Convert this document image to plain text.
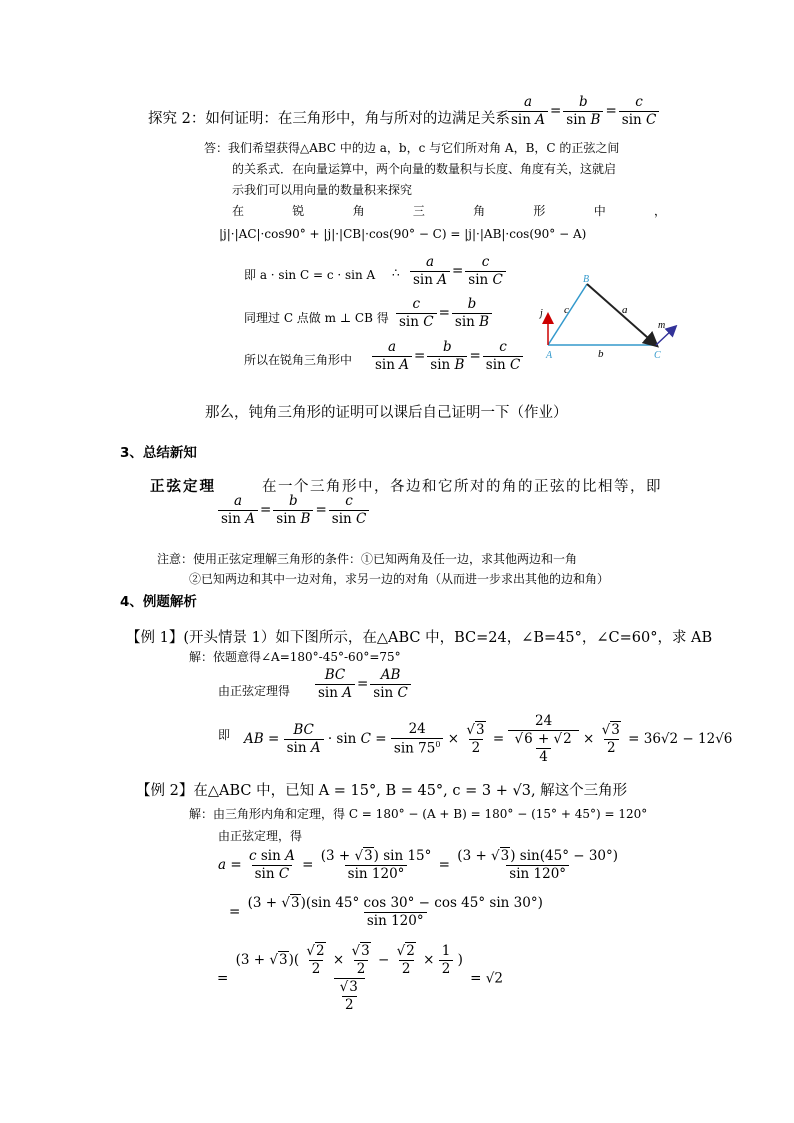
探究 2：如何证明：在三角形中，角与所对的边满足关系
$\frac{a}{\text{sin A}} = \frac{b}{\text{sin B}} = \frac{c}{\text{sin C}}$
答：我们希望获得△ABC 中的边 a，b，c 与它们所对角 A，B，C 的正弦之间
的关系式．在向量运算中，两个向量的数量积与长度、角度有关，这就启
示我们可以用向量的数量积来探究
在	锐	角	三	角	形	中	，
|j|·|AC|·cos90° + |j|·|CB|·cos(90° − C) = |j|·|AB|·cos(90° − A)
即 a · sin C = c · sin A ∴ $\frac{a}{\text{sin A}} = \frac{c}{\text{sin C}}$
同理过 C 点做 m ⊥ CB 得 $\frac{c}{\text{sin C}} = \frac{b}{\text{sin B}}$
所以在锐角三角形中 $\frac{a}{\text{sin A}} = \frac{b}{\text{sin B}} = \frac{c}{\text{sin C}}$
B
A	C
c	a
b
j
m
那么，钝角三角形的证明可以课后自己证明一下（作业）
3、总结新知
正弦定理	在一个三角形中，各边和它所对的角的正弦的比相等，即
$\frac{a}{\text{sin A}} = \frac{b}{\text{sin B}} = \frac{c}{\text{sin C}}$
注意：使用正弦定理解三角形的条件：①已知两角及任一边，求其他两边和一角
②已知两边和其中一边对角，求另一边的对角（从而进一步求出其他的边和角）
4、例题解析
【例 1】(开头情景 1）如下图所示，在△ABC 中，BC=24，∠B=45°，∠C=60°，求 AB
解：依题意得∠A=180°-45°-60°=75°
由正弦定理得 $\frac{BC}{\text{sin A}} = \frac{AB}{\text{sin C}}$
即 AB = $\frac{BC}{\text{sin A}} \cdot \sin C = \frac{24}{\sin 75^0} \times \frac{√3}{2} = \frac{24}{\frac{√6 + √2}{4}} \times \frac{√3}{2} = 36√2 - 12√6$
【例 2】在△ABC 中，已知 A = 15°, B = 45°, c = 3 + √3, 解这个三角形
解：由三角形内角和定理，得 C = 180° − (A + B) = 180° − (15° + 45°) = 120°
由正弦定理，得
$a = \frac{\text{c sin A}}{\text{sin C}} = \frac{(3 + √3) \sin 15^\circ}{\sin 120^\circ} = \frac{(3 + √3) \sin(45^\circ - 30^\circ)}{\sin 120^\circ}$
= $\frac{(3 + √3)(\sin 45^\circ \cos 30^\circ - \cos 45^\circ \sin 30^\circ)}{\sin 120^\circ}$
= $\frac{(3 + √3)( \frac{√2}{2} \times \frac{√3}{2} - \frac{√2}{2} \times \frac{1}{2} )}{\frac{√3}{2}} = √2$
